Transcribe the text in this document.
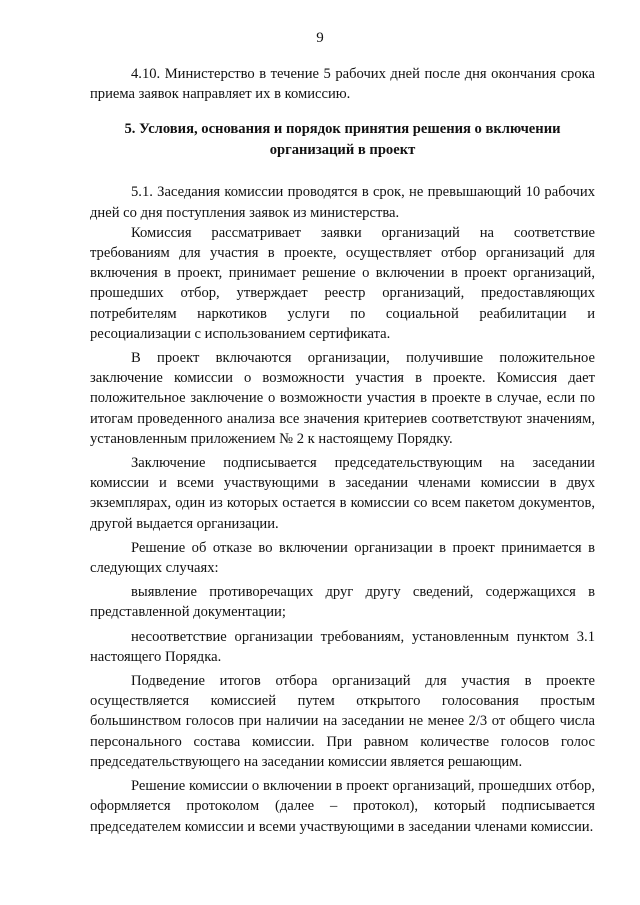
9

4.10. Министерство в течение 5 рабочих дней после дня окончания срока приема заявок направляет их в комиссию.

5. Условия, основания и порядок принятия решения о включении организаций в проект

5.1. Заседания комиссии проводятся в срок, не превышающий 10 рабочих дней со дня поступления заявок из министерства.

Комиссия рассматривает заявки организаций на соответствие требованиям для участия в проекте, осуществляет отбор организаций для включения в проект, принимает решение о включении в проект организаций, прошедших отбор, утверждает реестр организаций, предоставляющих потребителям наркотиков услуги по социальной реабилитации и ресоциализации с использованием сертификата.

В проект включаются организации, получившие положительное заключение комиссии о возможности участия в проекте. Комиссия дает положительное заключение о возможности участия в проекте в случае, если по итогам проведенного анализа все значения критериев соответствуют значениям, установленным приложением № 2 к настоящему Порядку.

Заключение подписывается председательствующим на заседании комиссии и всеми участвующими в заседании членами комиссии в двух экземплярах, один из которых остается в комиссии со всем пакетом документов, другой выдается организации.

Решение об отказе во включении организации в проект принимается в следующих случаях:

выявление противоречащих друг другу сведений, содержащихся в представленной документации;

несоответствие организации требованиям, установленным пунктом 3.1 настоящего Порядка.

Подведение итогов отбора организаций для участия в проекте осуществляется комиссией путем открытого голосования простым большинством голосов при наличии на заседании не менее 2/3 от общего числа персонального состава комиссии. При равном количестве голосов голос председательствующего на заседании комиссии является решающим.

Решение комиссии о включении в проект организаций, прошедших отбор, оформляется протоколом (далее – протокол), который подписывается председателем комиссии и всеми участвующими в заседании членами комиссии.
